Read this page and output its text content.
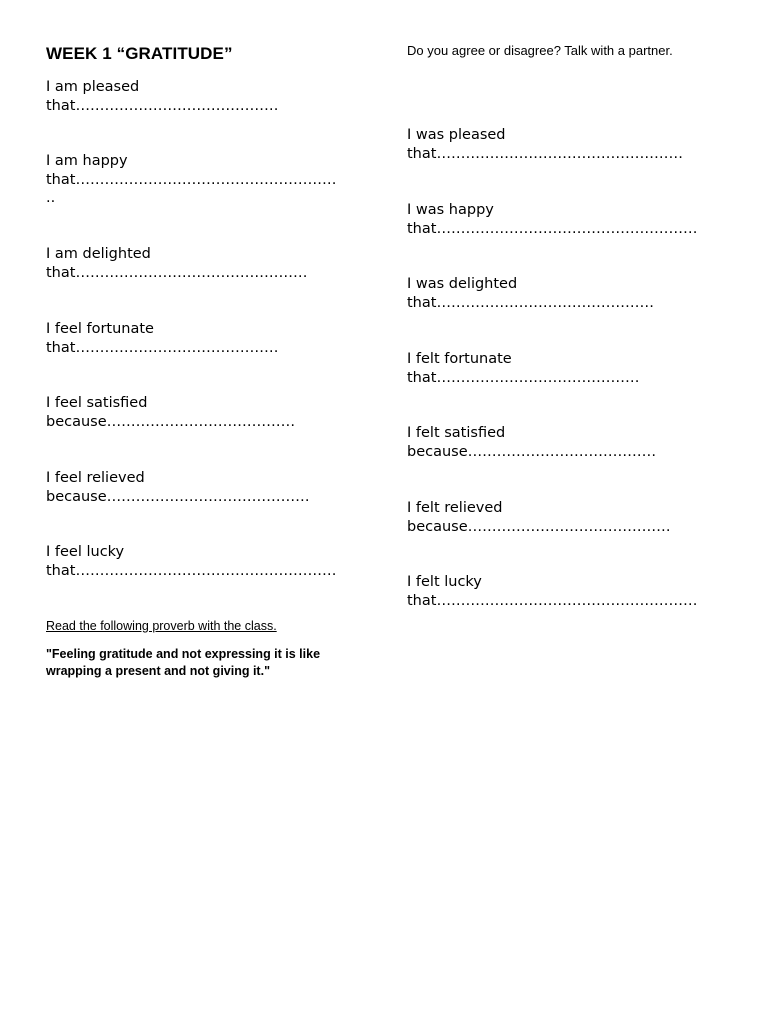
WEEK 1 “GRATITUDE”	Do you agree or disagree? Talk with a partner.
I am pleased
that……………………………………
I am happy
that………………………………………………
..
I am delighted
that…………………………………………
I feel fortunate
that……………………………………
I feel satisfied
because…………………………………
I feel relieved
because……………………………………
I feel lucky
that………………………………………………
I was pleased
that……………………………………………
I was happy
that………………………………………………
I was delighted
that………………………………………
I felt fortunate
that……………………………………
I felt satisfied
because…………………………………
I felt relieved
because……………………………………
I felt lucky
that………………………………………………
Read the following proverb with the class.
"Feeling gratitude and not expressing it is like wrapping a present and not giving it."
